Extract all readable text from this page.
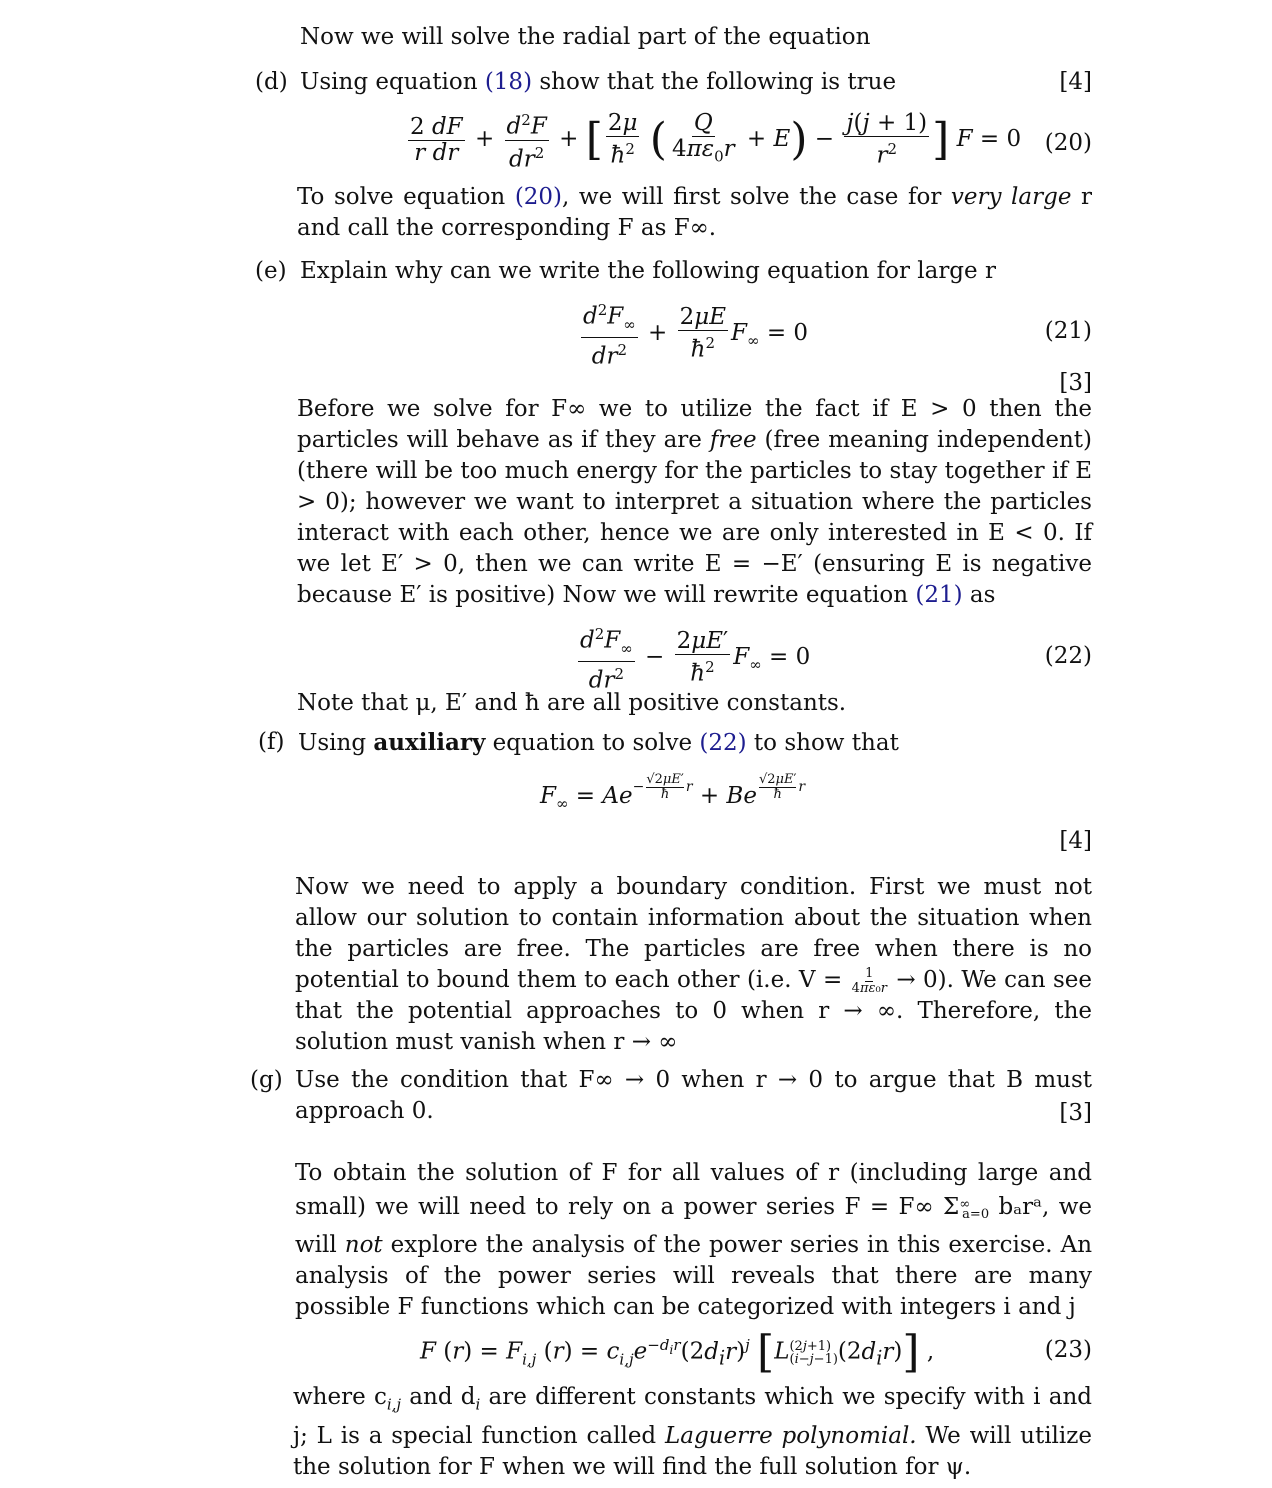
Now we will solve the radial part of the equation
(d) Using equation (18) show that the following is true	[4]
$\frac{2 dF}{\text{r dr}} + \frac{d^2F}{dr^2}$ + [ $\frac{2\mu}{ħ^2}$ ( $\frac{Q}{4\pi\varepsilon_0r} + E) - \frac{j(j + 1)}{r^2}$ ] F = 0 (20)
To solve equation (20), we will first solve the case for very large r and call the corresponding F as F∞.
(e) Explain why can we write the following equation for large r
$\frac{d^2F_\infty}{dr^2} + \frac{2\mu E}{ħ^2} F_\infty = 0$	(21)
[3]
Before we solve for F∞ we to utilize the fact if E > 0 then the particles will behave as if they are free (free meaning independent) (there will be too much energy for the particles to stay together if E > 0); however we want to interpret a situation where the particles interact with each other, hence we are only interested in E < 0. If we let E′ > 0, then we can write E = −E′ (ensuring E is negative because E′ is positive) Now we will rewrite equation (21) as
$\frac{d^2F_\infty}{dr^2} - \frac{2\mu E'}{ħ^2} F_\infty = 0$	(22)
Note that μ, E′ and ħ are all positive constants.
(f) Using auxiliary equation to solve (22) to show that
$F_\infty = Ae^{- \frac{√2\mu E'}{ħ} r} + Be$ $^{\frac{√2\mu E'}{ħ} r}$
[4]
Now we need to apply a boundary condition. First we must not allow our solution to contain information about the situation when the particles are free. The particles are free when there is no potential to bound them to each other (i.e. $V = \frac{1}{\text{4πε₀r}} \to 0$). We can see that the potential approaches to 0 when r → ∞. Therefore, the solution must vanish when r → ∞
(g) Use the condition that F∞ → 0 when r → 0 to argue that B must approach 0.	[3]
To obtain the solution of F for all values of r (including large and small) we will need to rely on a power series F = F∞ Σ∞a=0 bₐrᵃ, we will not explore the analysis of the power series in this exercise. An analysis of the power series will reveals that there are many possible F functions which can be categorized with integers i and j
F $(r) = F_{i,j}$ $(r) = c_{i,j}e^{-d_ir}(2d_ir)^j$ [L (2j+1)
(i−j−1) $(2d_ir)$] ,	(23)
where $c_{i,j}$ and $d_i$ are different constants which we specify with i and j; L is a special function called Laguerre polynomial. We will utilize the solution for F when we will find the full solution for ψ.
